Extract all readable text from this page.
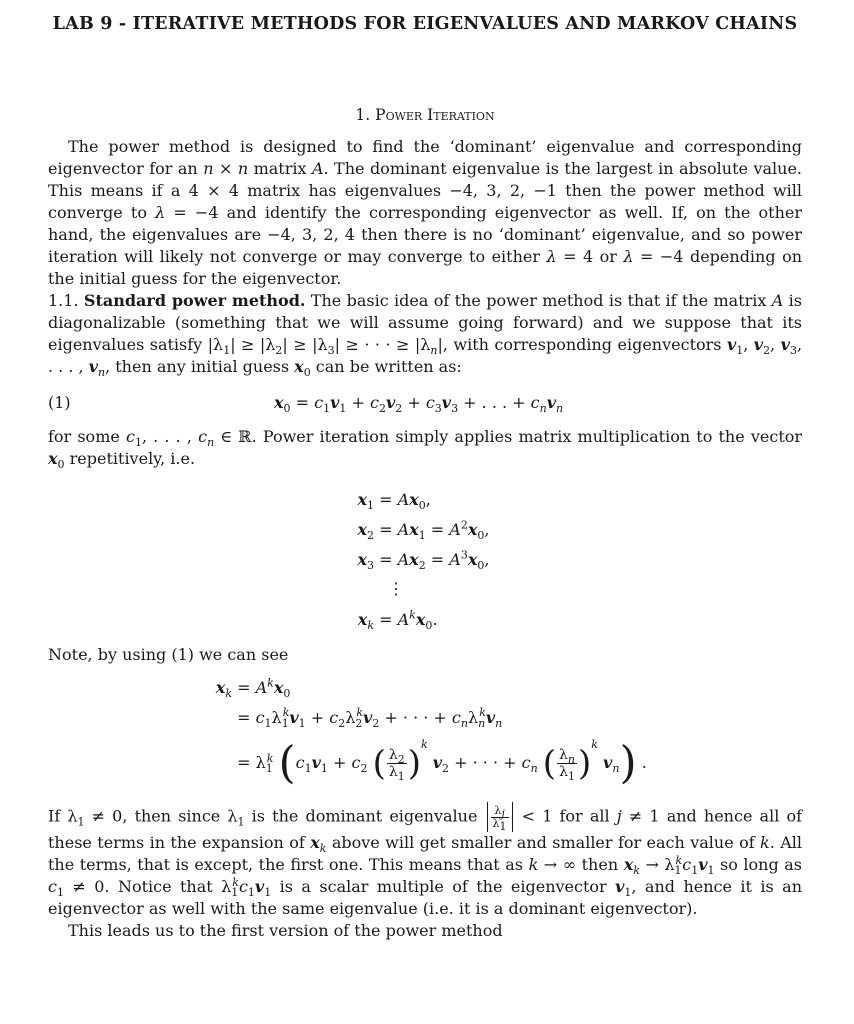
LAB 9 - ITERATIVE METHODS FOR EIGENVALUES AND MARKOV CHAINS
1. Power Iteration

The power method is designed to find the ‘dominant’ eigenvalue and corresponding eigenvector for an n × n matrix A. The dominant eigenvalue is the largest in absolute value. This means if a 4 × 4 matrix has eigenvalues −4, 3, 2, −1 then the power method will converge to λ = −4 and identify the corresponding eigenvector as well. If, on the other hand, the eigenvalues are −4, 3, 2, 4 then there is no ‘dominant’ eigenvalue, and so power iteration will likely not converge or may converge to either λ = 4 or λ = −4 depending on the initial guess for the eigenvector.

1.1. Standard power method. The basic idea of the power method is that if the matrix A is diagonalizable (something that we will assume going forward) and we suppose that its eigenvalues satisfy $|\lambda_1| \ge |\lambda_2| \ge |\lambda_3|$ ≥ · · · ≥ $|\lambda_n|$, with corresponding eigenvectors $v_1$, $v_2$, $v_3$, . . . , $v_n$, then any initial guess $x_0$ can be written as:

(1)	$x_0 = c_1v_1 + c_2v_2 + c_3v_3$ + . . . + $c_nv_n$

for some $c_1$, . . . , $c_n$ ∈ ℝ. Power iteration simply applies matrix multiplication to the vector $x_0$ repetitively, i.e.

$x_1 = Ax_0$,
$x_2 = Ax_1 = A^2x_0$,
$x_3 = Ax_2 = A^3x_0$,
⋮
$x_k = A^kx_0$.

Note, by using (1) we can see

$x_k = A^kx_0$
= $c_1\lambda_1^kv_1 + c_2\lambda_2^kv_2$ + · · · + $c_n\lambda_n^kv_n$
= $\lambda_1^k$ ($c_1v_1 + c_2$ ( $\frac{\lambda_2}{\lambda_1} )^k$ $v_2$ + · · · + $c_n$ ( $\frac{\lambda_n}{\lambda_1} )^k$ $v_n$) .

If $\lambda_1 \ne 0$, then since $\lambda_1$ is the dominant eigenvalue $\frac{\lambda_j}{\lambda_1} < 1$ for all j ≠ 1 and hence all of these terms in the expansion of $x_k$ above will get smaller and smaller for each value of k. All the terms, that is except, the first one. This means that as k → ∞ then $x_k \to \lambda_1^kc_1v_1$ so long as $c_1 \ne 0$. Notice that $\lambda_1^kc_1v_1$ is a scalar multiple of the eigenvector $v_1$, and hence it is an eigenvector as well with the same eigenvalue (i.e. it is a dominant eigenvector).

This leads us to the first version of the power method
